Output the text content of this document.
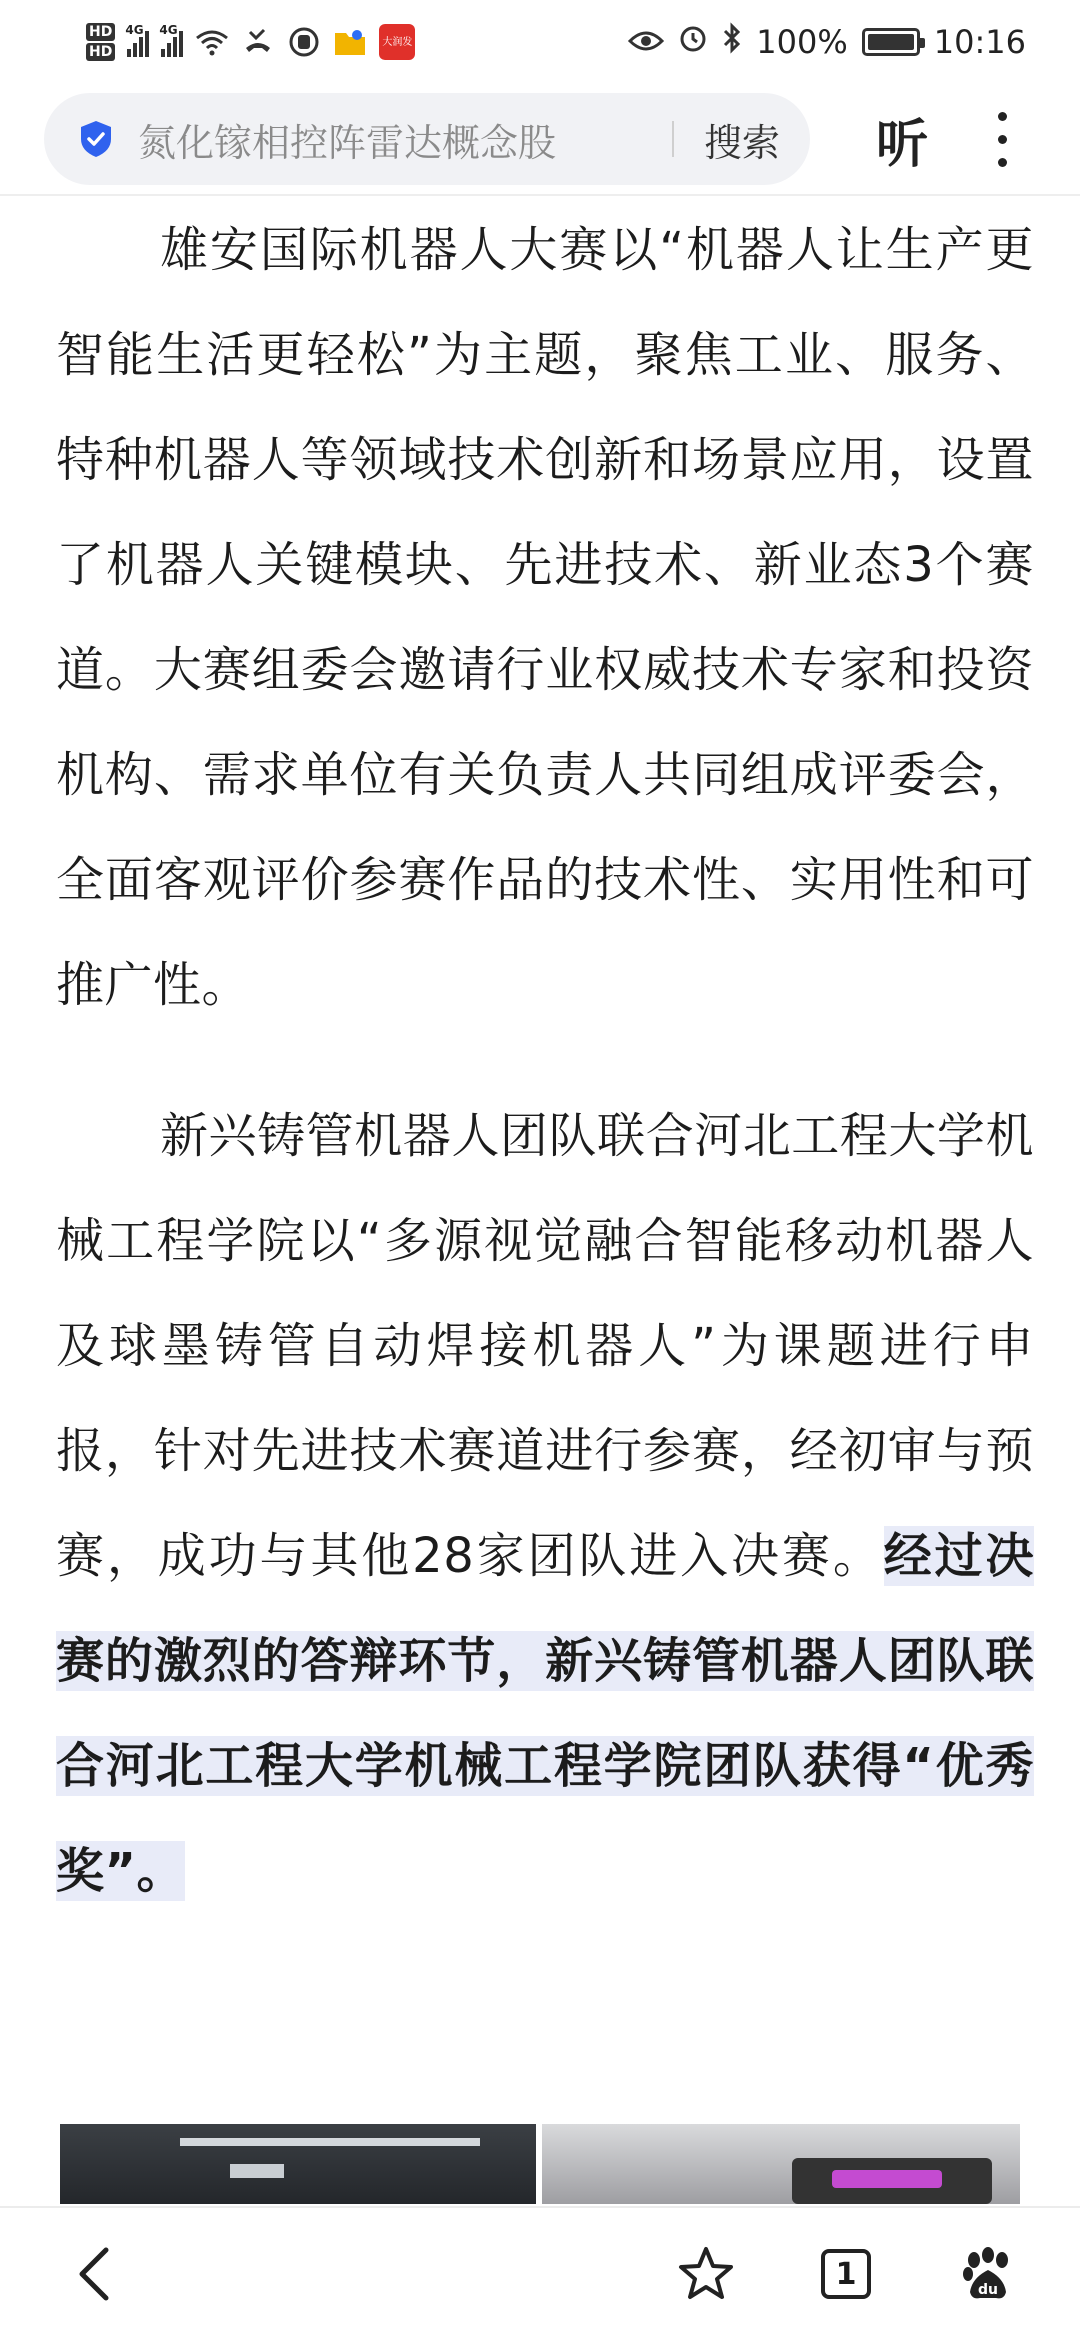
HD
HD
4G 4G
大润发	100%	10:16
氮化镓相控阵雷达概念股	搜索 听

雄安国际机器人大赛以“机器人让生产更智能生活更轻松”为主题，聚焦工业、服务、特种机器人等领域技术创新和场景应用，设置了机器人关键模块、先进技术、新业态3个赛道。大赛组委会邀请行业权威技术专家和投资机构、需求单位有关负责人共同组成评委会，全面客观评价参赛作品的技术性、实用性和可推广性。

新兴铸管机器人团队联合河北工程大学机械工程学院以“多源视觉融合智能移动机器人及球墨铸管自动焊接机器人”为课题进行申报，针对先进技术赛道进行参赛，经初审与预赛，成功与其他28家团队进入决赛。经过决赛的激烈的答辩环节，新兴铸管机器人团队联合河北工程大学机械工程学院团队获得“优秀奖”。

1	du
